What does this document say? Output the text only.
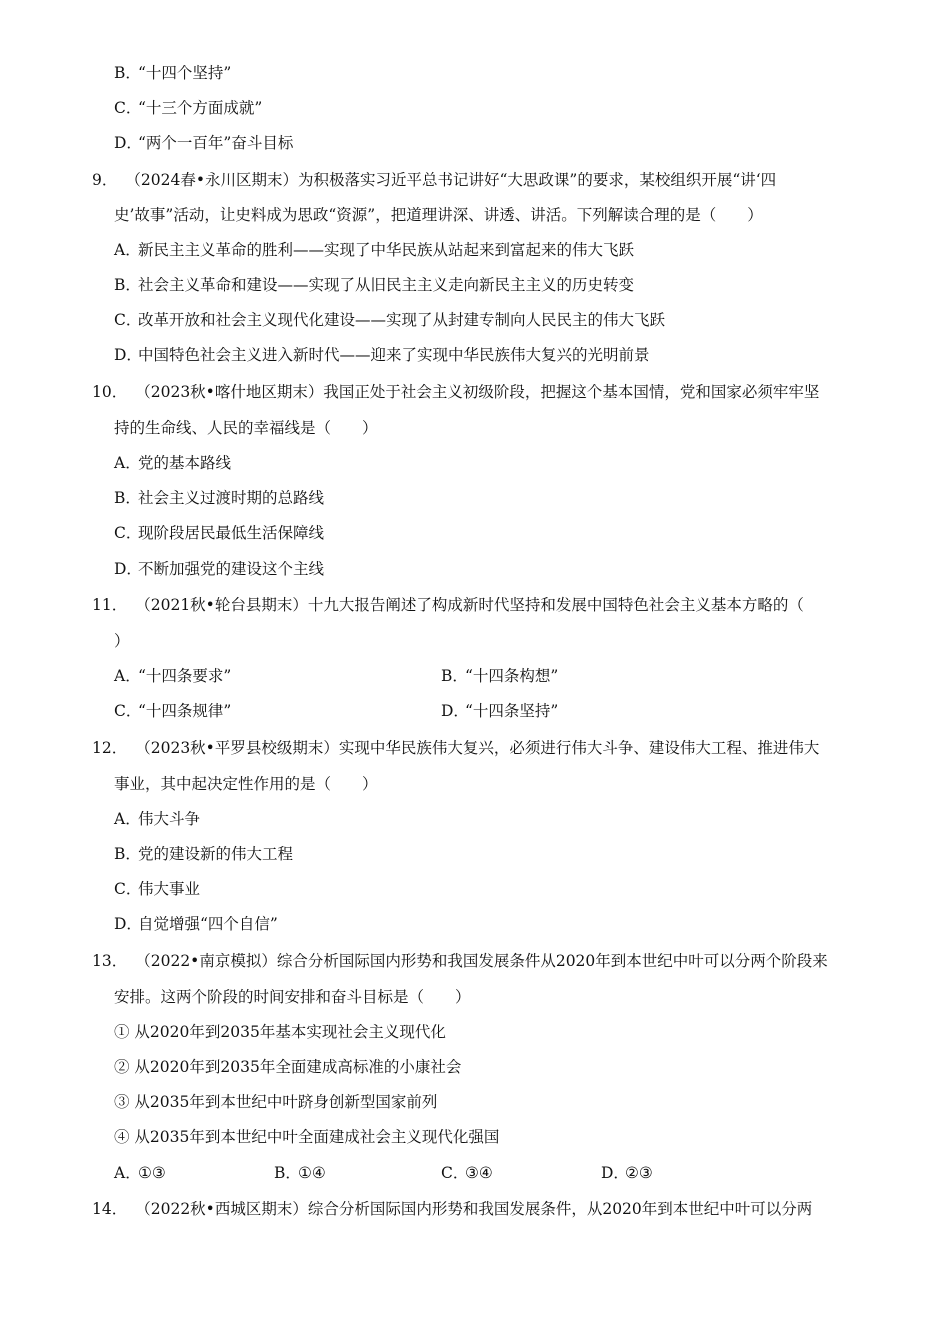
B．“十四个坚持”
C．“十三个方面成就”
D．“两个一百年”奋斗目标
9． （2024春•永川区期末）为积极落实习近平总书记讲好“大思政课”的要求，某校组织开展“讲‘四
史’故事”活动，让史料成为思政“资源”，把道理讲深、讲透、讲活。下列解读合理的是（　　）
A．新民主主义革命的胜利——实现了中华民族从站起来到富起来的伟大飞跃
B．社会主义革命和建设——实现了从旧民主主义走向新民主主义的历史转变
C．改革开放和社会主义现代化建设——实现了从封建专制向人民民主的伟大飞跃
D．中国特色社会主义进入新时代——迎来了实现中华民族伟大复兴的光明前景
10． （2023秋•喀什地区期末）我国正处于社会主义初级阶段，把握这个基本国情，党和国家必须牢牢坚
持的生命线、人民的幸福线是（　　）
A．党的基本路线
B．社会主义过渡时期的总路线
C．现阶段居民最低生活保障线
D．不断加强党的建设这个主线
11． （2021秋•轮台县期末）十九大报告阐述了构成新时代坚持和发展中国特色社会主义基本方略的（
）
A．“十四条要求”	B．“十四条构想”
C．“十四条规律”	D．“十四条坚持”
12． （2023秋•平罗县校级期末）实现中华民族伟大复兴，必须进行伟大斗争、建设伟大工程、推进伟大
事业，其中起决定性作用的是（　　）
A．伟大斗争
B．党的建设新的伟大工程
C．伟大事业
D．自觉增强“四个自信”
13． （2022•南京模拟）综合分析国际国内形势和我国发展条件从2020年到本世纪中叶可以分两个阶段来
安排。这两个阶段的时间安排和奋斗目标是（　　）
① 从2020年到2035年基本实现社会主义现代化
② 从2020年到2035年全面建成高标准的小康社会
③ 从2035年到本世纪中叶跻身创新型国家前列
④ 从2035年到本世纪中叶全面建成社会主义现代化强国
A．①③	B．①④	C．③④	D．②③
14． （2022秋•西城区期末）综合分析国际国内形势和我国发展条件，从2020年到本世纪中叶可以分两
